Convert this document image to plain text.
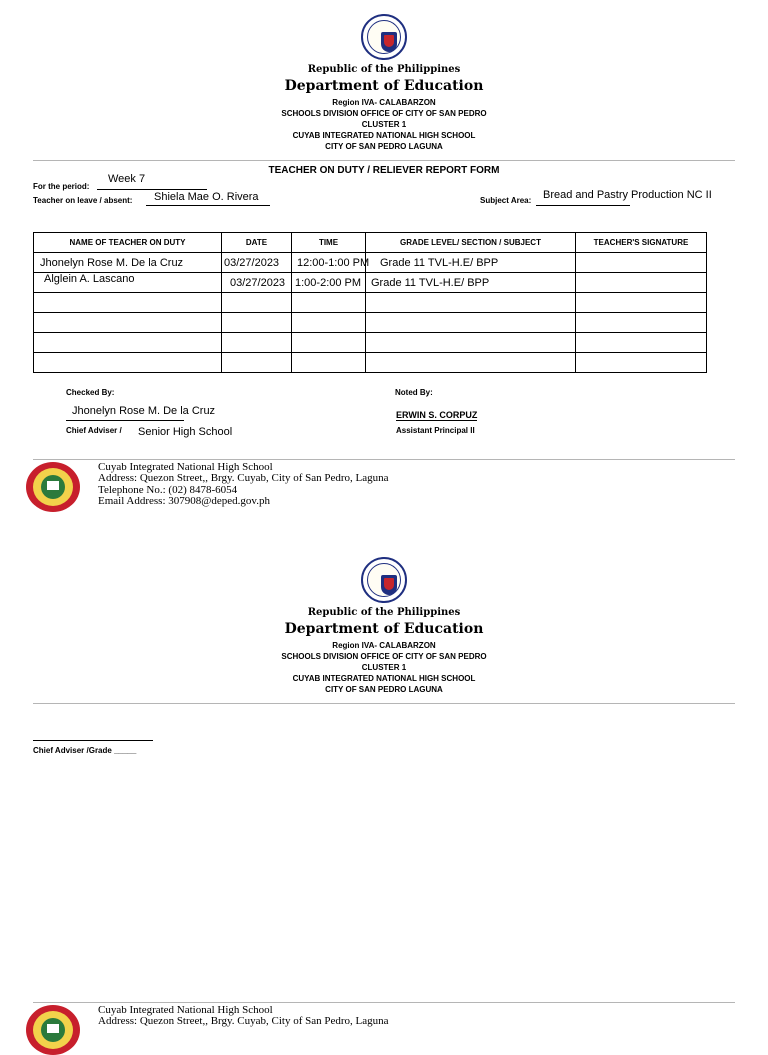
Republic of the Philippines
Department of Education
Region IVA- CALABARZON
SCHOOLS DIVISION OFFICE OF CITY OF SAN PEDRO
CLUSTER 1
CUYAB INTEGRATED NATIONAL HIGH SCHOOL
CITY OF SAN PEDRO LAGUNA
TEACHER ON DUTY / RELIEVER REPORT FORM
For the period:
Week 7
Teacher on leave / absent: Shiela Mae O. Rivera	Subject Area: Bread and Pastry Production NC II
NAME OF TEACHER ON DUTY	DATE	TIME	GRADE LEVEL/ SECTION / SUBJECT	TEACHER'S SIGNATURE
Jhonelyn Rose M. De la Cruz	03/27/2023	12:00-1:00 PM	Grade 11 TVL-H.E/ BPP	
Alglein A. Lascano	03/27/2023	1:00-2:00 PM	Grade 11 TVL-H.E/ BPP	

Checked By:
Jhonelyn Rose M. De la Cruz
Chief Adviser / Senior High School
Noted By:
ERWIN S. CORPUZ
Assistant Principal II
Cuyab Integrated National High School
Address: Quezon Street,, Brgy. Cuyab, City of San Pedro, Laguna
Telephone No.: (02) 8478-6054
Email Address: 307908@deped.gov.ph
Republic of the Philippines
Department of Education
Region IVA- CALABARZON
SCHOOLS DIVISION OFFICE OF CITY OF SAN PEDRO
CLUSTER 1
CUYAB INTEGRATED NATIONAL HIGH SCHOOL
CITY OF SAN PEDRO LAGUNA
Chief Adviser /Grade _____
Cuyab Integrated National High School
Address: Quezon Street,, Brgy. Cuyab, City of San Pedro, Laguna
